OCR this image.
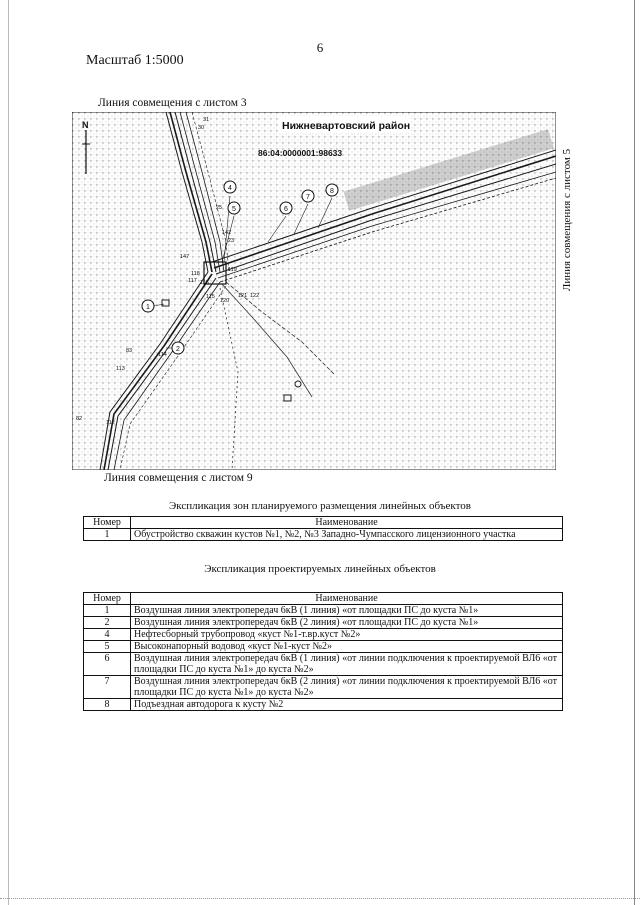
6
Масштаб 1:5000
Линия совмещения с листом 3
N	Нижневартовский район
86:04:0000001:98633
4
5	6
7
8
1
2
31
30
25
142
23
147
118
117 116
119
121
120
122
115
114
113
112
83
82
Линия совмещения с листом 5
Линия совмещения с листом 9
Экспликация зон планируемого размещения линейных объектов
Номер	Наименование
1	Обустройство скважин кустов №1, №2, №3 Западно-Чумпасского лицензионного участка
Экспликация проектируемых линейных объектов
Номер	Наименование
1	Воздушная линия электропередач 6кВ (1 линия) «от площадки ПС до куста №1»
2	Воздушная линия электропередач 6кВ (2 линия) «от площадки ПС до куста №1»
4	Нефтесборный трубопровод «куст №1-т.вр.куст №2»
5	Высоконапорный водовод «куст №1-куст №2»
6	Воздушная линия электропередач 6кВ (1 линия) «от линии подключения к проектируемой ВЛ6 «от площадки ПС до куста №1» до куста №2»
7	Воздушная линия электропередач 6кВ (2 линия) «от линии подключения к проектируемой ВЛ6 «от площадки ПС до куста №1» до куста №2»
8	Подъездная автодорога к кусту №2
